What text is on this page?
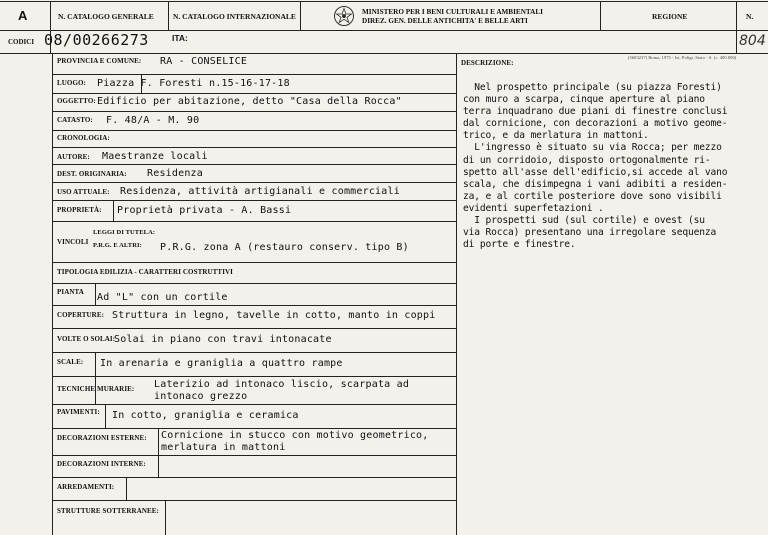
A	N. CATALOGO GENERALE	N. CATALOGO INTERNAZIONALE	MINISTERO PER I BENI CULTURALI E AMBIENTALI
DIREZ. GEN. DELLE ANTICHITA' E BELLE ARTI	REGIONE	N.
CODICI 08/00266273	ITA:	804
(5603237) Roma, 1975 - Ist. Poligr. Stato - S. (c. 400.000)
PROVINCIA E COMUNE: RA - CONSELICE
LUOGO: Piazza F. Foresti n.15-16-17-18
OGGETTO: Edificio per abitazione, detto "Casa della Rocca"
CATASTO: F. 48/A - M. 90
CRONOLOGIA:
AUTORE: Maestranze locali
DEST. ORIGINARIA: Residenza
USO ATTUALE: Residenza, attività artigianali e commerciali
PROPRIETÀ: Proprietà privata - A. Bassi
VINCOLI
LEGGI DI TUTELA:
P.R.G. E ALTRI: P.R.G. zona A (restauro conserv. tipo B)
TIPOLOGIA EDILIZIA - CARATTERI COSTRUTTIVI
PIANTA Ad "L" con un cortile
COPERTURE: Struttura in legno, tavelle in cotto, manto in coppi
VOLTE O SOLAI:
Solai in piano con travi intonacate
SCALE: In arenaria e graniglia a quattro rampe
TECNICHE MURARIE: Laterizio ad intonaco liscio, scarpata ad
intonaco grezzo
PAVIMENTI: In cotto, graniglia e ceramica
DECORAZIONI ESTERNE: Cornicione in stucco con motivo geometrico,
merlatura in mattoni
DECORAZIONI INTERNE:
ARREDAMENTI:
STRUTTURE SOTTERRANEE:
DESCRIZIONE:

Nel prospetto principale (su piazza Foresti)

con muro a scarpa, cinque aperture al piano

terra inquadrano due piani di finestre conclusi

dal cornicione, con decorazioni a motivo geome-

trico, e da merlatura in mattoni.

L'ingresso è situato su via Rocca; per mezzo

di un corridoio, disposto ortogonalmente ri-

spetto all'asse dell'edificio,si accede al vano

scala, che disimpegna i vani adibiti a residen-

za, e al cortile posteriore dove sono visibili

evidenti superfetazioni .

I prospetti sud (sul cortile) e ovest (su

via Rocca) presentano una irregolare sequenza

di porte e finestre.
